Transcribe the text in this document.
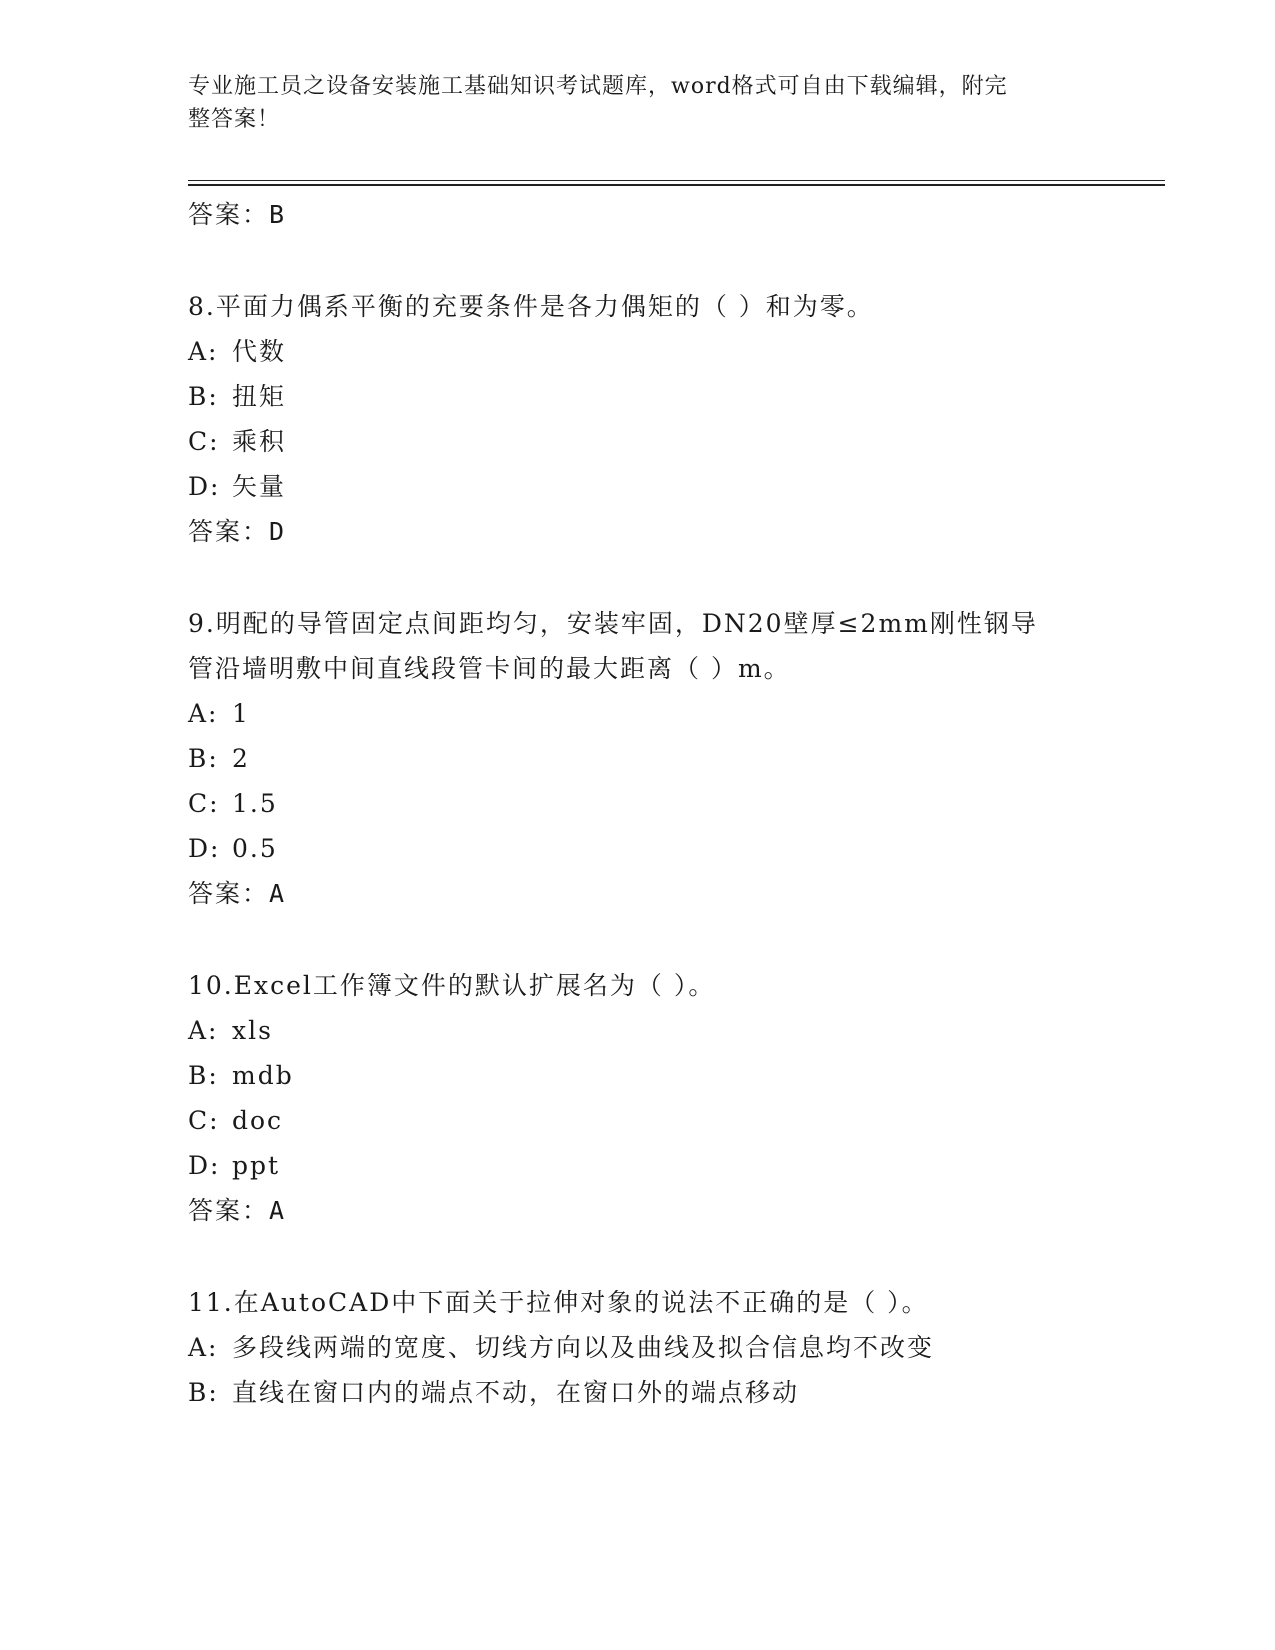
专业施工员之设备安装施工基础知识考试题库，word格式可自由下载编辑，附完
整答案！
答案：B
8.平面力偶系平衡的充要条件是各力偶矩的（ ）和为零。
A: 代数
B: 扭矩
C: 乘积
D: 矢量
答案：D
9.明配的导管固定点间距均匀，安装牢固，DN20壁厚≤2mm刚性钢导
管沿墙明敷中间直线段管卡间的最大距离（ ）m。
A: 1
B: 2
C: 1.5
D: 0.5
答案：A
10.Excel工作簿文件的默认扩展名为（ ）。
A: xls
B: mdb
C: doc
D: ppt
答案：A
11.在AutoCAD中下面关于拉伸对象的说法不正确的是（ ）。
A: 多段线两端的宽度、切线方向以及曲线及拟合信息均不改变
B: 直线在窗口内的端点不动，在窗口外的端点移动
